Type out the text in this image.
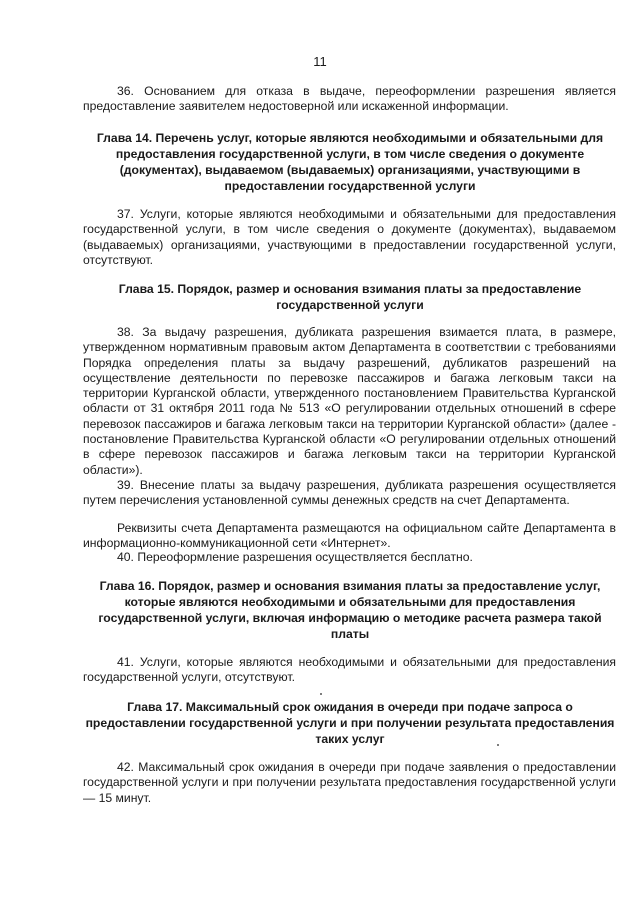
11

36. Основанием для отказа в выдаче, переоформлении разрешения является предоставление заявителем недостоверной или искаженной информации.

Глава 14. Перечень услуг, которые являются необходимыми и обязательными для предоставления государственной услуги, в том числе сведения о документе (документах), выдаваемом (выдаваемых) организациями, участвующими в предоставлении государственной услуги

37. Услуги, которые являются необходимыми и обязательными для предоставления государственной услуги, в том числе сведения о документе (документах), выдаваемом (выдаваемых) организациями, участвующими в предоставлении государственной услуги, отсутствуют.

Глава 15. Порядок, размер и основания взимания платы за предоставление государственной услуги

38. За выдачу разрешения, дубликата разрешения взимается плата, в размере, утвержденном нормативным правовым актом Департамента в соответствии с требованиями Порядка определения платы за выдачу разрешений, дубликатов разрешений на осуществление деятельности по перевозке пассажиров и багажа легковым такси на территории Курганской области, утвержденного постановлением Правительства Курганской области от 31 октября 2011 года № 513 «О регулировании отдельных отношений в сфере перевозок пассажиров и багажа легковым такси на территории Курганской области» (далее - постановление Правительства Курганской области «О регулировании отдельных отношений в сфере перевозок пассажиров и багажа легковым такси на территории Курганской области»).

39. Внесение платы за выдачу разрешения, дубликата разрешения осуществляется путем перечисления установленной суммы денежных средств на счет Департамента.

Реквизиты счета Департамента размещаются на официальном сайте Департамента в информационно-коммуникационной сети «Интернет».

40. Переоформление разрешения осуществляется бесплатно.

Глава 16. Порядок, размер и основания взимания платы за предоставление услуг, которые являются необходимыми и обязательными для предоставления государственной услуги, включая информацию о методике расчета размера такой платы

41. Услуги, которые являются необходимыми и обязательными для предоставления государственной услуги, отсутствуют.

Глава 17. Максимальный срок ожидания в очереди при подаче запроса о предоставлении государственной услуги и при получении результата предоставления таких услуг

42. Максимальный срок ожидания в очереди при подаче заявления о предоставлении государственной услуги и при получении результата предоставления государственной услуги — 15 минут.
